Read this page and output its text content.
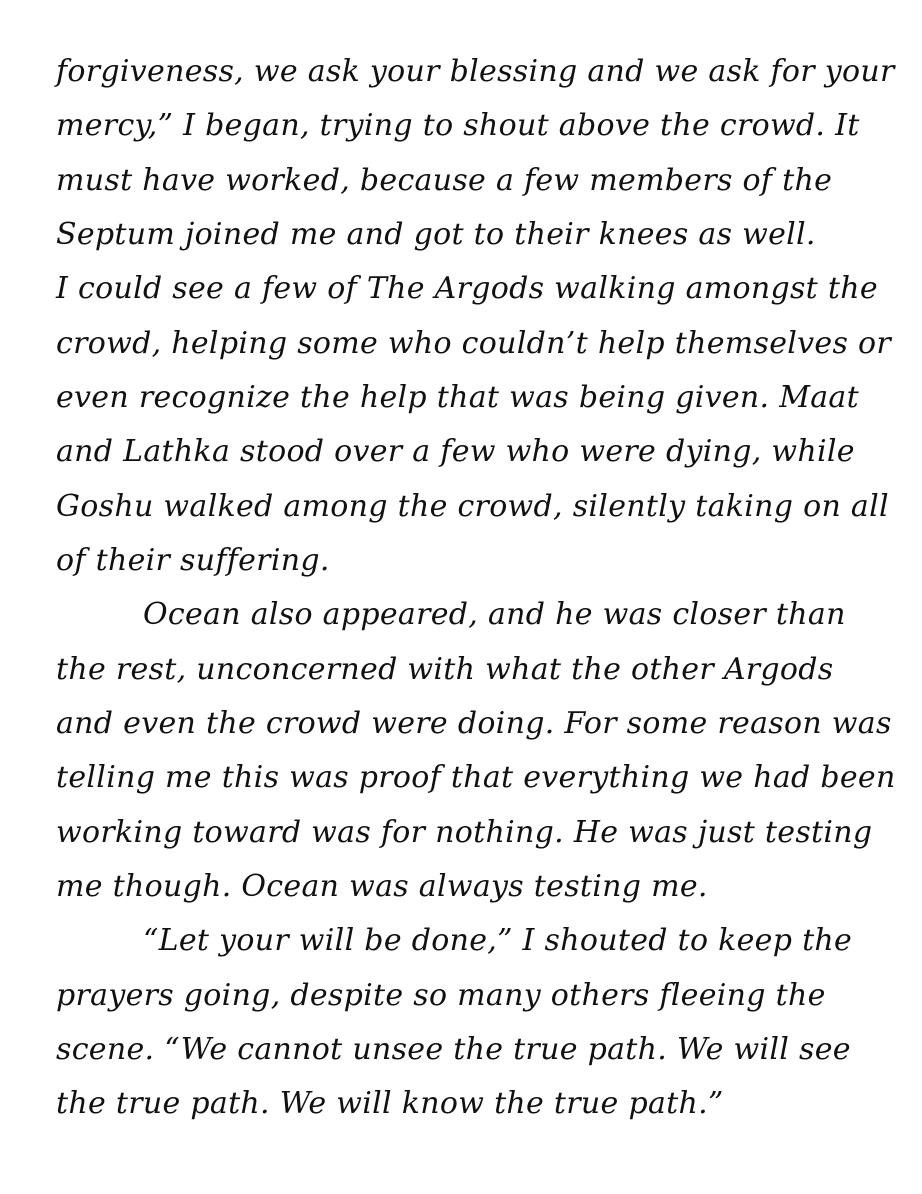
forgiveness, we ask your blessing and we ask for your
mercy,” I began, trying to shout above the crowd. It
must have worked, because a few members of the
Septum joined me and got to their knees as well.
I could see a few of The Argods walking amongst the
crowd, helping some who couldn’t help themselves or
even recognize the help that was being given. Maat
and Lathka stood over a few who were dying, while
Goshu walked among the crowd, silently taking on all
of their suffering.
Ocean also appeared, and he was closer than
the rest, unconcerned with what the other Argods
and even the crowd were doing. For some reason was
telling me this was proof that everything we had been
working toward was for nothing. He was just testing
me though. Ocean was always testing me.
“Let your will be done,” I shouted to keep the
prayers going, despite so many others fleeing the
scene. “We cannot unsee the true path. We will see
the true path. We will know the true path.”
